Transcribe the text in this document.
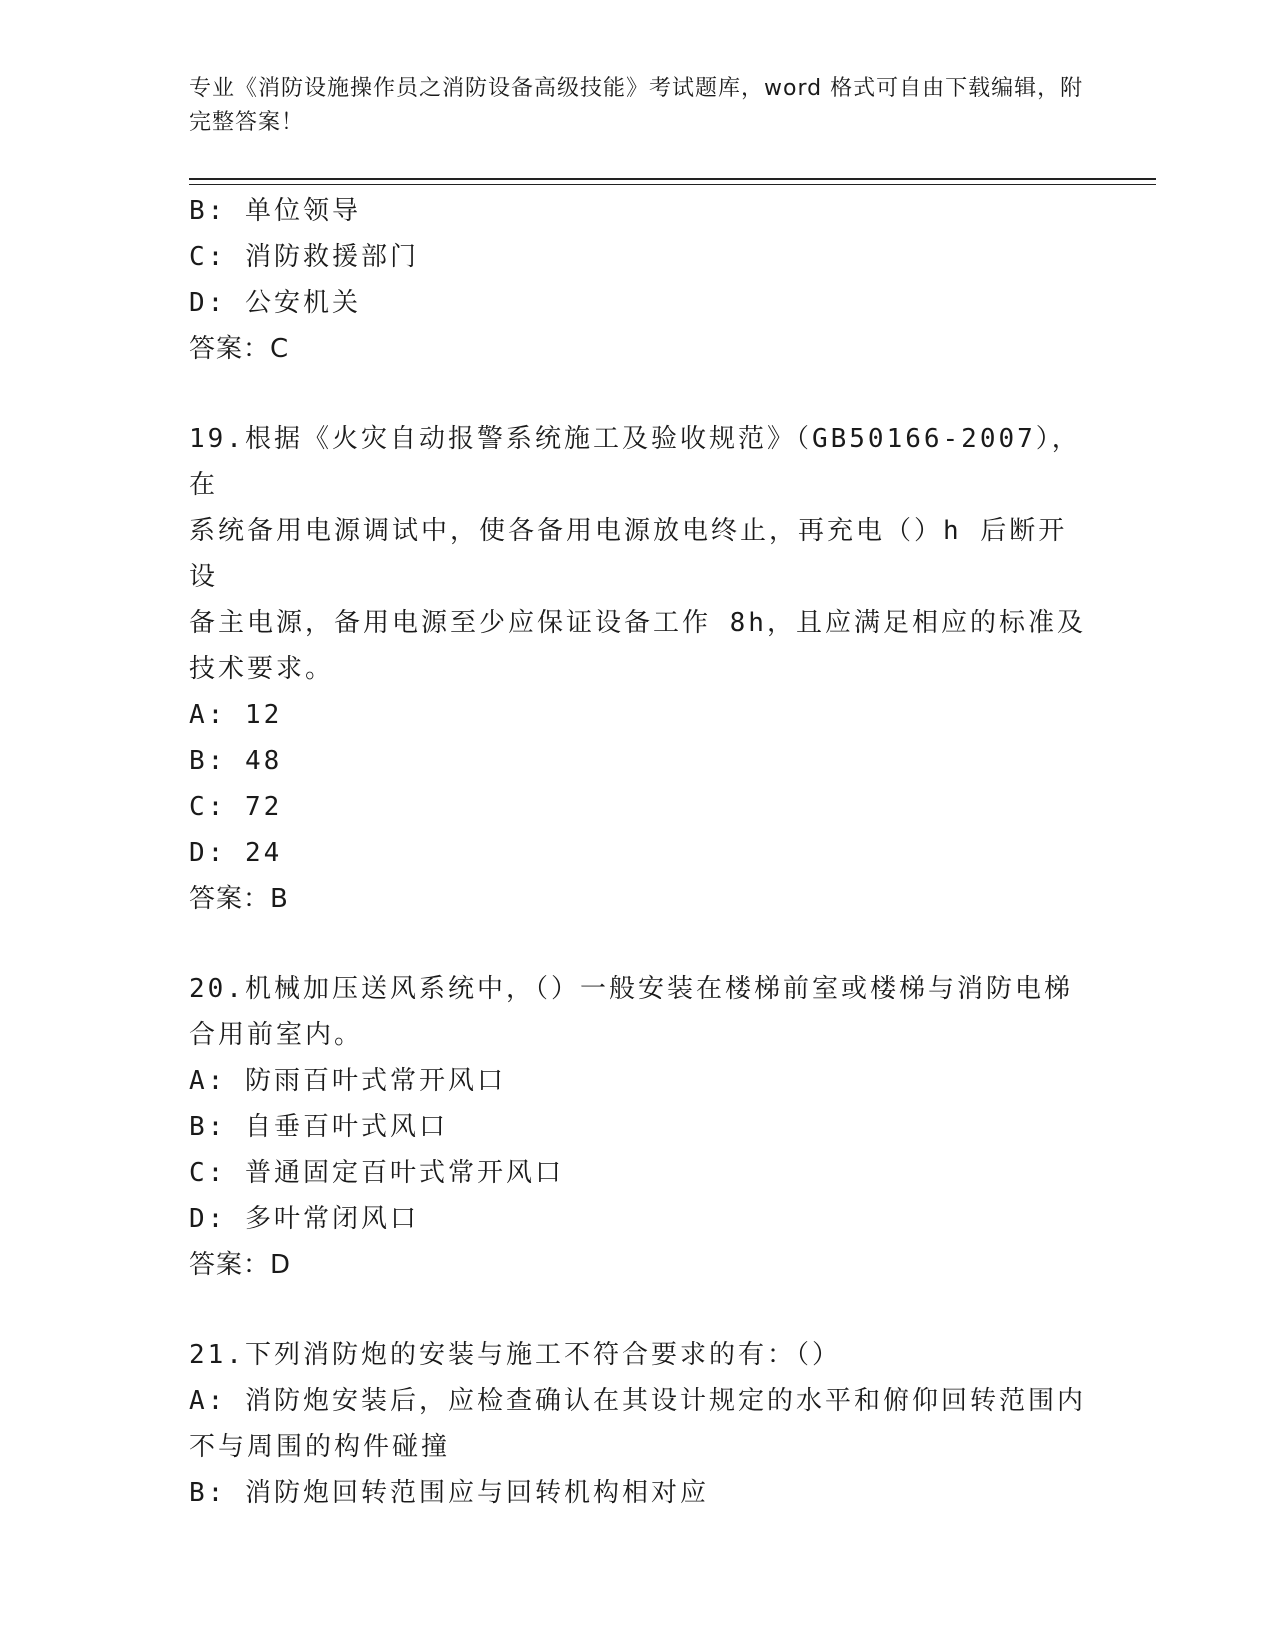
专业《消防设施操作员之消防设备高级技能》考试题库，word 格式可自由下载编辑，附完整答案！

B: 单位领导

C: 消防救援部门

D: 公安机关

答案：C

19.根据《火灾自动报警系统施工及验收规范》（GB50166-2007），在

系统备用电源调试中，使各备用电源放电终止，再充电（）h 后断开设

备主电源，备用电源至少应保证设备工作 8h，且应满足相应的标准及

技术要求。

A: 12

B: 48

C: 72

D: 24

答案：B

20.机械加压送风系统中，（）一般安装在楼梯前室或楼梯与消防电梯

合用前室内。

A: 防雨百叶式常开风口

B: 自垂百叶式风口

C: 普通固定百叶式常开风口

D: 多叶常闭风口

答案：D

21.下列消防炮的安装与施工不符合要求的有：（）

A: 消防炮安装后，应检查确认在其设计规定的水平和俯仰回转范围内

不与周围的构件碰撞

B: 消防炮回转范围应与回转机构相对应
